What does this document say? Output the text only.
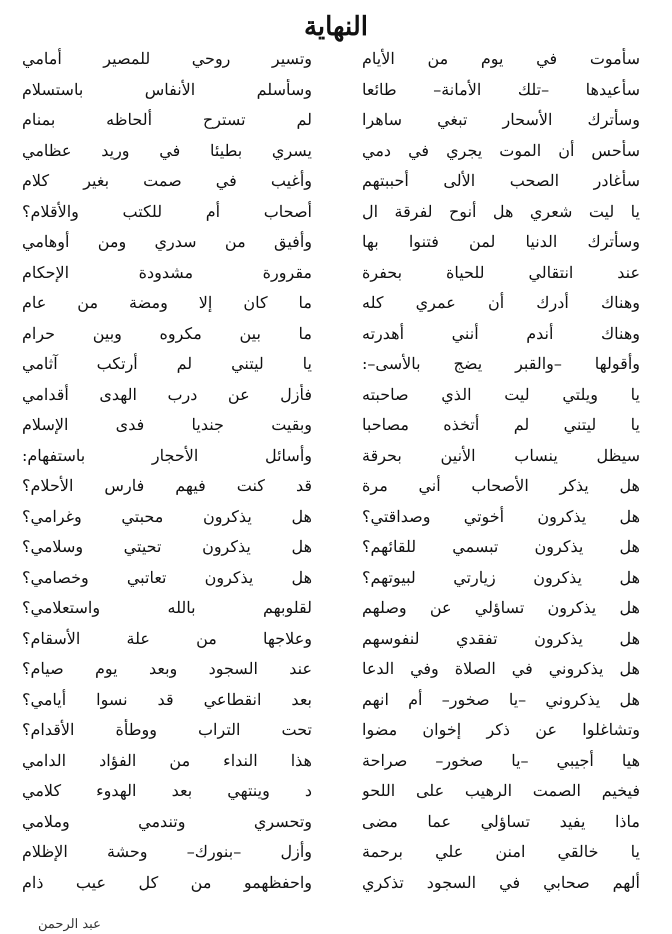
النهاية
سأموت في يوم من الأيام
وتسير روحي للمصير أمامي
سأعيدها –تلك الأمانة– طائعا
وسأسلم الأنفاس باستسلام
وسأترك الأسحار تبغي ساهرا
لم تسترح ألحاظه بمنام
سأحس أن الموت يجري في دمي
يسري بطيئا في وريد عظامي
سأغادر الصحب الألى أحببتهم
وأغيب في صمت بغير كلام
يا ليت شعري هل أنوح لفرقة ال
أصحاب أم للكتب والأقلام؟
وسأترك الدنيا لمن فتنوا بها
وأفيق من سدري ومن أوهامي
عند انتقالي للحياة بحفرة
مقرورة مشدودة الإحكام
وهناك أدرك أن عمري كله
ما كان إلا ومضة من عام
وهناك أندم أنني أهدرته
ما بين مكروه وبين حرام
وأقولها –والقبر يضج بالأسى–:
يا ليتني لم أرتكب آثامي
يا ويلتي ليت الذي صاحبته
فأزل عن درب الهدى أقدامي
يا ليتني لم أتخذه مصاحبا
وبقيت جنديا فدى الإسلام
سيظل ينساب الأنين بحرقة
وأسائل الأحجار باستفهام:
هل يذكر الأصحاب أني مرة
قد كنت فيهم فارس الأحلام؟
هل يذكرون أخوتي وصداقتي؟
هل يذكرون محبتي وغرامي؟
هل يذكرون تبسمي للقائهم؟
هل يذكرون تحيتي وسلامي؟
هل يذكرون زيارتي لبيوتهم؟
هل يذكرون تعاتبي وخصامي؟
هل يذكرون تساؤلي عن وصلهم
لقلوبهم بالله واستعلامي؟
هل يذكرون تفقدي لنفوسهم
وعلاجها من علة الأسقام؟
هل يذكروني في الصلاة وفي الدعا
عند السجود وبعد يوم صيام؟
هل يذكروني –يا صخور– أم انهم
بعد انقطاعي قد نسوا أيامي؟
وتشاغلوا عن ذكر إخوان مضوا
تحت التراب ووطأة الأقدام؟
هيا أجيبي –يا صخور– صراحة
هذا النداء من الفؤاد الدامي
فيخيم الصمت الرهيب على اللحو
د وينتهي بعد الهدوء كلامي
ماذا يفيد تساؤلي عما مضى
وتحسري وتندمي وملامي
يا خالقي امنن علي برحمة
وأزل –بنورك– وحشة الإظلام
ألهم صحابي في السجود تذكري
واحفظهمو من كل عيب ذام
عبد الرحمن
